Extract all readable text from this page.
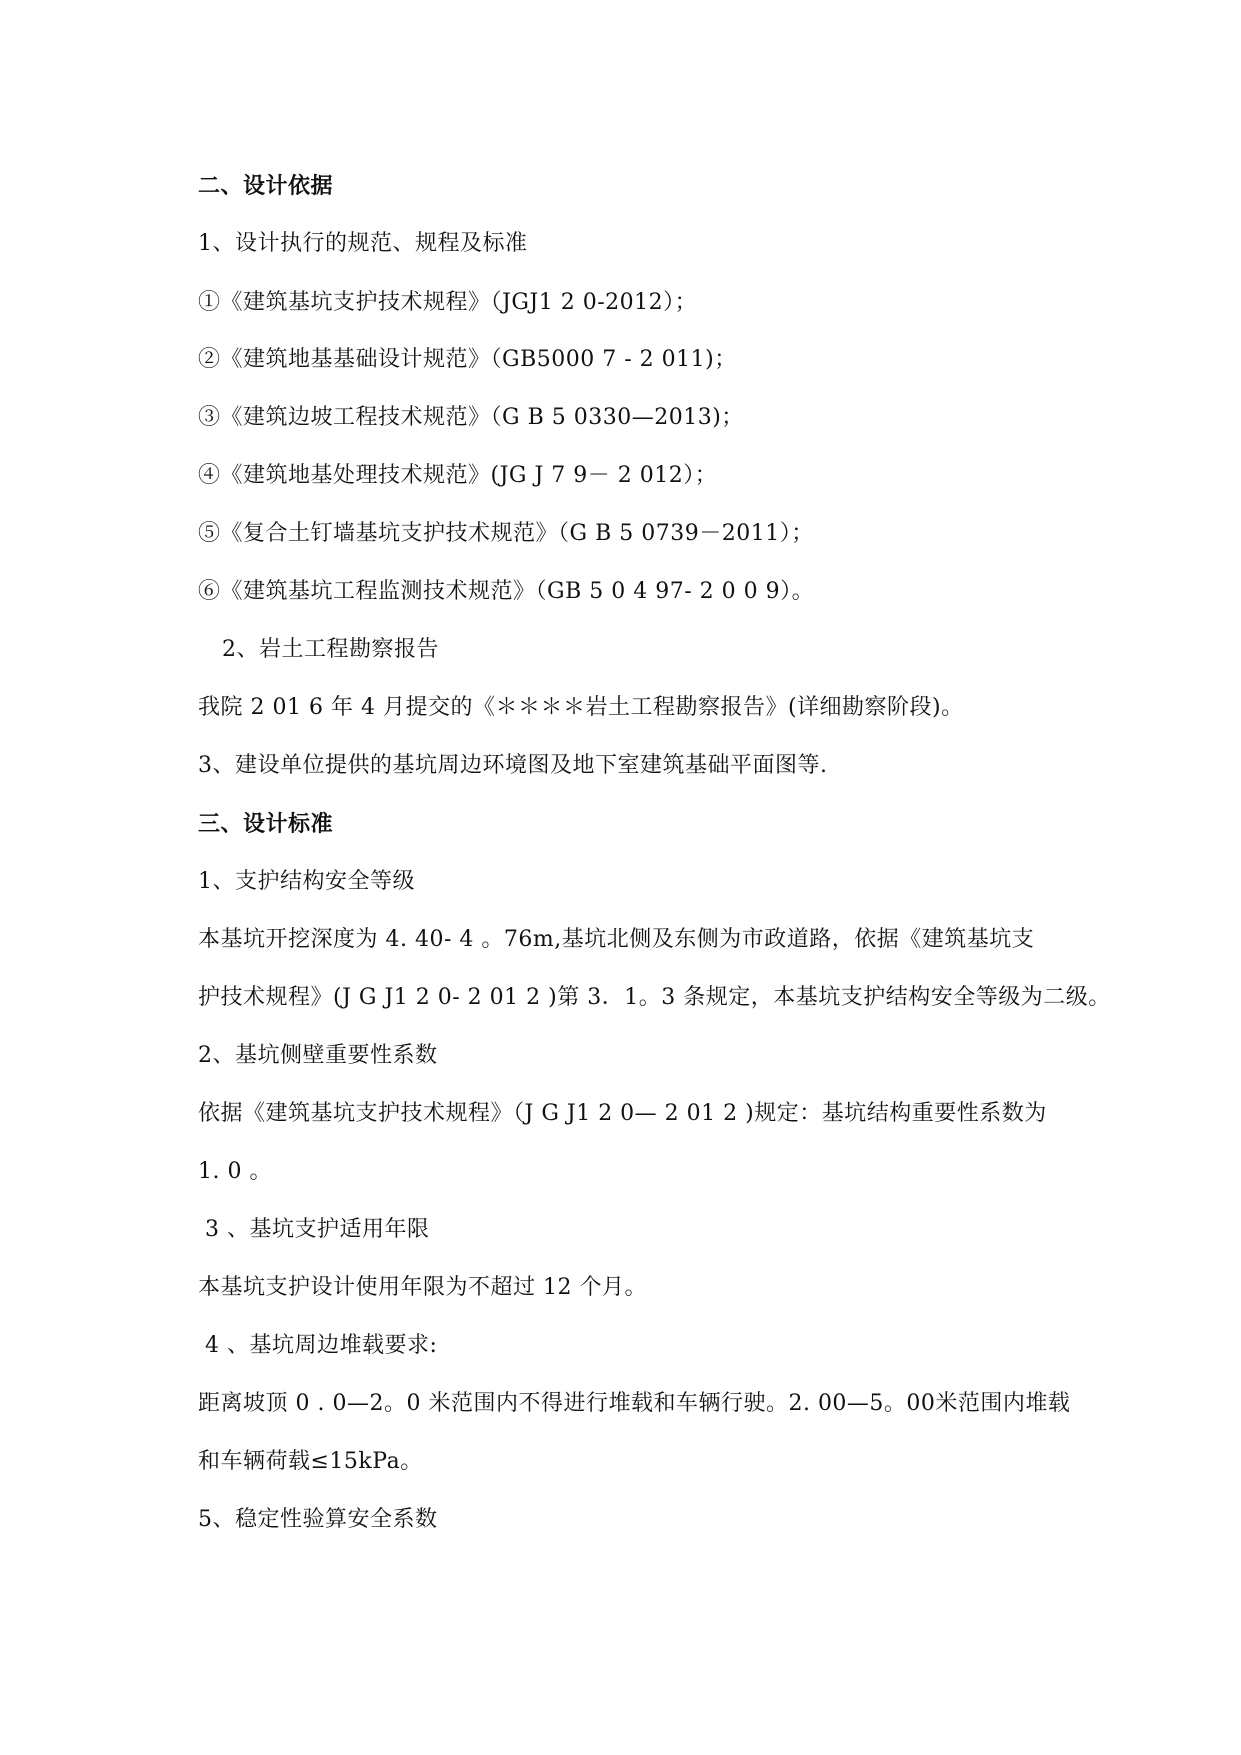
二、设计依据
1、设计执行的规范、规程及标准
①《建筑基坑支护技术规程》（JGJ1 2 0-2012）；
②《建筑地基基础设计规范》（GB5000 7 - 2 011)；
③《建筑边坡工程技术规范》（G B 5 0330—2013)；
④《建筑地基处理技术规范》(JG J 7 9－ 2 012）；
⑤《复合土钉墙基坑支护技术规范》（G B 5 0739－2011）；
⑥《建筑基坑工程监测技术规范》（GB 5 0 4 97- 2 0 0 9）。
2、岩土工程勘察报告
我院 2 01 6 年 4 月提交的《＊＊＊＊岩土工程勘察报告》(详细勘察阶段)。
3、建设单位提供的基坑周边环境图及地下室建筑基础平面图等.
三、设计标准
1、支护结构安全等级
本基坑开挖深度为 4. 40- 4 。76m,基坑北侧及东侧为市政道路，依据《建筑基坑支
护技术规程》(J G J1 2 0- 2 01 2 )第 3．1。3 条规定，本基坑支护结构安全等级为二级。
2、基坑侧壁重要性系数
依据《建筑基坑支护技术规程》（J G J1 2 0— 2 01 2 )规定：基坑结构重要性系数为
1. 0 。
3 、基坑支护适用年限
本基坑支护设计使用年限为不超过 12 个月。
4 、基坑周边堆载要求:
距离坡顶 0 . 0—2。0 米范围内不得进行堆载和车辆行驶。2. 00—5。00米范围内堆载
和车辆荷载≤15kPa。
5、稳定性验算安全系数
